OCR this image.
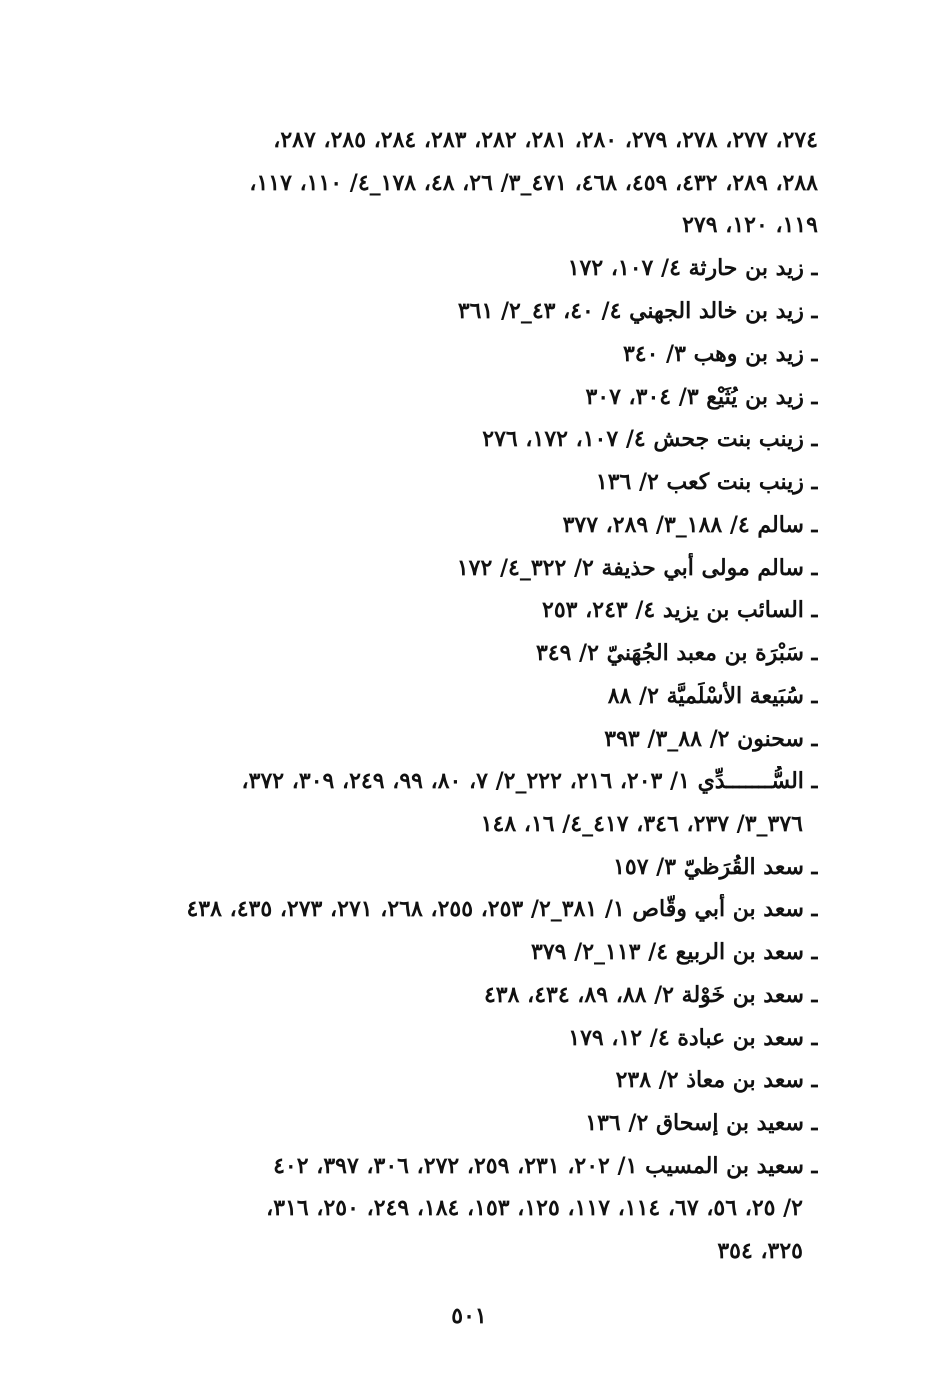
٢٧٤، ٢٧٧، ٢٧٨، ٢٧٩، ٢٨٠، ٢٨١، ٢٨٢، ٢٨٣، ٢٨٤، ٢٨٥، ٢٨٧،
٢٨٨، ٢٨٩، ٤٣٢، ٤٥٩، ٤٦٨، ٤٧١_٣/ ٢٦، ٤٨، ١٧٨_٤/ ١١٠، ١١٧،
١١٩، ١٢٠، ٢٧٩
ـ زيد بن حارثة ٤/ ١٠٧، ١٧٢
ـ زيد بن خالد الجهني ٤/ ٤٠، ٤٣_٢/ ٣٦١
ـ زيد بن وهب ٣/ ٣٤٠
ـ زيد بن يُثَيْع ٣/ ٣٠٤، ٣٠٧
ـ زينب بنت جحش ٤/ ١٠٧، ١٧٢، ٢٧٦
ـ زينب بنت كعب ٢/ ١٣٦
ـ سالم ٤/ ١٨٨_٣/ ٢٨٩، ٣٧٧
ـ سالم مولى أبي حذيفة ٢/ ٣٢٢_٤/ ١٧٢
ـ السائب بن يزيد ٤/ ٢٤٣، ٢٥٣
ـ سَبْرَة بن معبد الجُهَنيّ ٢/ ٣٤٩
ـ سُبَيعة الأسْلَميَّة ٢/ ٨٨
ـ سحنون ٢/ ٨٨_٣/ ٣٩٣
ـ السُّـــــــدِّي ١/ ٢٠٣، ٢١٦، ٢٢٢_٢/ ٧، ٨٠، ٩٩، ٢٤٩، ٣٠٩، ٣٧٢،
٣٧٦_٣/ ٢٣٧، ٣٤٦، ٤١٧_٤/ ١٦، ١٤٨
ـ سعد القُرَظيّ ٣/ ١٥٧
ـ سعد بن أبي وقّاص ١/ ٣٨١_٢/ ٢٥٣، ٢٥٥، ٢٦٨، ٢٧١، ٢٧٣، ٤٣٥، ٤٣٨
ـ سعد بن الربيع ٤/ ١١٣_٢/ ٣٧٩
ـ سعد بن خَوْلة ٢/ ٨٨، ٨٩، ٤٣٤، ٤٣٨
ـ سعد بن عبادة ٤/ ١٢، ١٧٩
ـ سعد بن معاذ ٢/ ٢٣٨
ـ سعيد بن إسحاق ٢/ ١٣٦
ـ سعيد بن المسيب ١/ ٢٠٢، ٢٣١، ٢٥٩، ٢٧٢، ٣٠٦، ٣٩٧، ٤٠٢
٢/ ٢٥، ٥٦، ٦٧، ١١٤، ١١٧، ١٢٥، ١٥٣، ١٨٤، ٢٤٩، ٢٥٠، ٣١٦،
٣٢٥، ٣٥٤
٥٠١
